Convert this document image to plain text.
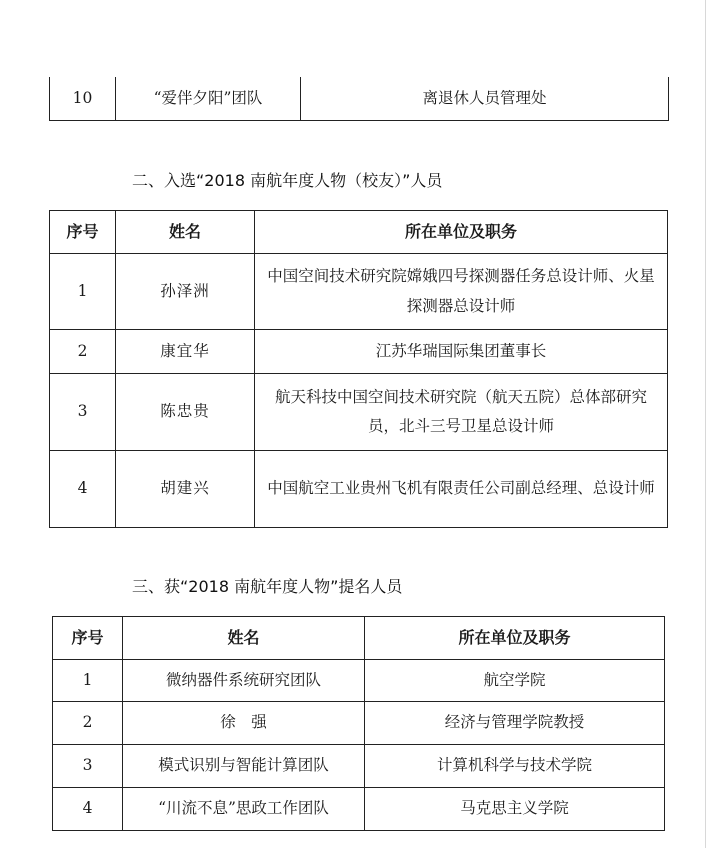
10	“爱伴夕阳”团队	离退休人员管理处
二、入选“2018 南航年度人物（校友）”人员
序号	姓名	所在单位及职务
1	孙泽洲	中国空间技术研究院嫦娥四号探测器任务总设计师、火星探测器总设计师
2	康宜华	江苏华瑞国际集团董事长
3	陈忠贵	航天科技中国空间技术研究院（航天五院）总体部研究员，北斗三号卫星总设计师
4	胡建兴	中国航空工业贵州飞机有限责任公司副总经理、总设计师
三、获“2018 南航年度人物”提名人员
序号	姓名	所在单位及职务
1	微纳器件系统研究团队	航空学院
2	徐　强	经济与管理学院教授
3	模式识别与智能计算团队	计算机科学与技术学院
4	“川流不息”思政工作团队	马克思主义学院
